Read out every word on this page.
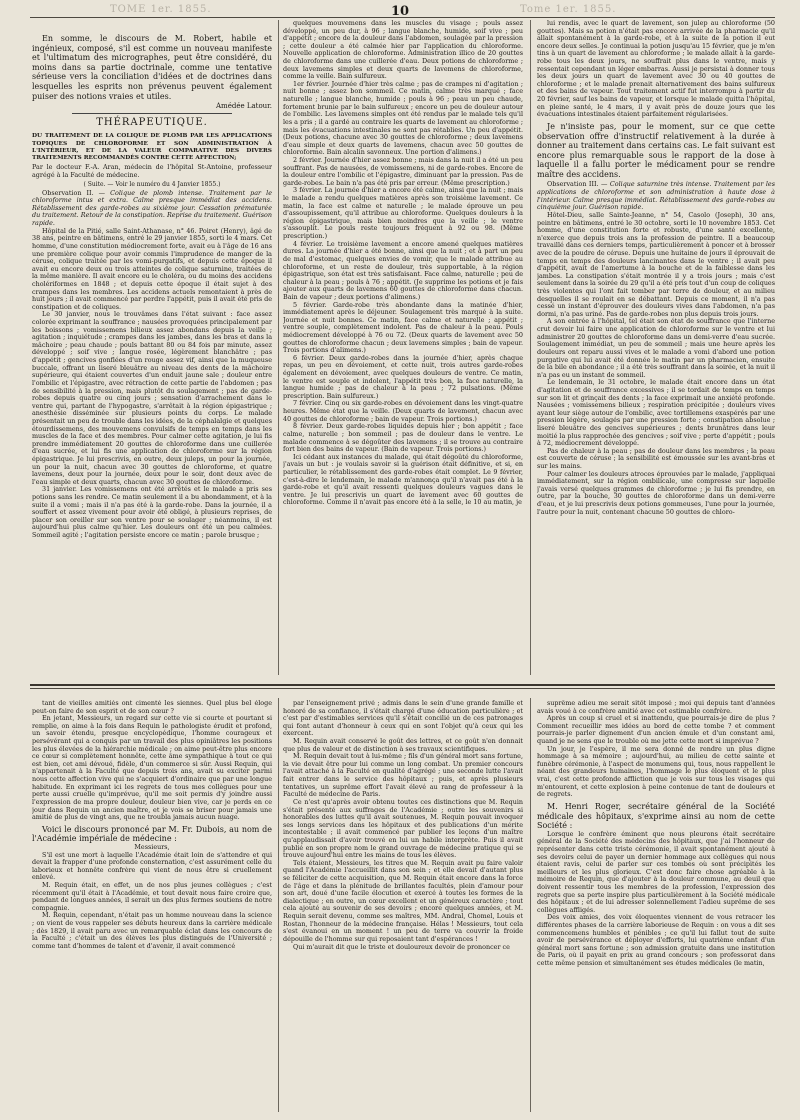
TOME 1er. 1855.	10	Tome 1er. 1855.

En somme, le discours de M. Robert, habile et ingénieux, composé, s'il est comme un nouveau manifeste et l'ultimatum des micrographes, peut être considéré, du moins dans sa partie doctrinale, comme une tentative sérieuse vers la conciliation d'idées et de doctrines dans lesquelles les esprits non prévenus peuvent également puiser des notions vraies et utiles.

Amédée Latour.
THÉRAPEUTIQUE.
DU TRAITEMENT DE LA COLIQUE DE PLOMB PAR LES APPLICATIONS TOPIQUES DE CHLOROFORME ET SON ADMINISTRATION À L'INTÉRIEUR, ET DE LA VALEUR COMPARATIVE DES DIVERS TRAITEMENTS RECOMMANDÉS CONTRE CETTE AFFECTION;
Par le docteur F.-A. Aran, médecin de l'hôpital St-Antoine, professeur agrégé à la Faculté de médecine.
( Suite. — Voir le numéro du 4 Janvier 1855.)

Observation II. — Colique de plomb intense. Traitement par le chloroforme intus et extra. Calme presque immédiat des accidens. Rétablissement des garde-robes au sixième jour. Cessation prématurée du traitement. Retour de la constipation. Reprise du traitement. Guérison rapide.

Hôpital de la Pitié, salle Saint-Athanase, n° 46. Poiret (Henry), âgé de 38 ans, peintre en bâtimens, entré le 29 janvier 1855, sorti le 4 mars. Cet homme, d'une constitution médiocrement forte, avait eu à l'âge de 16 ans une première colique pour avoir commis l'imprudence de manger de la céruse, colique traitée par les vomi-purgatifs, et depuis cette époque il avait eu encore deux ou trois atteintes de colique saturnine, traitées de la même manière. Il avait encore eu le choléra, ou du moins des accidens cholériformes en 1848 ; et depuis cette époque il était sujet à des crampes dans les membres. Les accidens actuels remontaient à près de huit jours ; il avait commencé par perdre l'appétit, puis il avait été pris de constipation et de coliques.

Le 30 janvier, nous le trouvâmes dans l'état suivant : face assez colorée exprimant la souffrance ; nausées provoquées principalement par les boissons ; vomissemens bilieux assez abondans depuis la veille ; agitation ; inquiétude ; crampes dans les jambes, dans les bras et dans la mâchoire ; peau chaude ; pouls battant 80 ou 84 fois par minute, assez développé ; soif vive ; langue rosée, légèrement blanchâtre ; pas d'appétit ; gencives gonflées d'un rouge assez vif, ainsi que la muqueuse buccale, offrant un liseré bleuâtre au niveau des dents de la mâchoire supérieure, qui étaient couvertes d'un enduit jaune sale ; douleur entre l'ombilic et l'épigastre, avec rétraction de cette partie de l'abdomen ; pas de sensibilité à la pression, mais plutôt du soulagement ; pas de garde-robes depuis quatre ou cinq jours ; sensation d'arrachement dans le ventre qui, partant de l'hypogastre, s'arrêtait à la région épigastrique ; anesthésie disséminée sur plusieurs points du corps. Le malade présentait un peu de trouble dans les idées, de la céphalalgie et quelques étourdissemens, des mouvemens convulsifs de temps en temps dans les muscles de la face et des membres. Pour calmer cette agitation, je lui fis prendre immédiatement 20 gouttes de chloroforme dans une cuillerée d'eau sucrée, et lui fis une application de chloroforme sur la région épigastrique. Je lui prescrivis, en outre, deux juleps, un pour la journée, un pour la nuit, chacun avec 30 gouttes de chloroforme, et quatre lavemens, deux pour la journée, deux pour le soir, dont deux avec de l'eau simple et deux quarts, chacun avec 30 gouttes de chloroforme.

31 janvier. Les vomissemens ont été arrêtés et le malade a pris ses potions sans les rendre. Ce matin seulement il a bu abondamment, et à la suite il a vomi ; mais il n'a pas été à la garde-robe. Dans la journée, il a souffert et assez vivement pour avoir été obligé, à plusieurs reprises, de placer son oreiller sur son ventre pour se soulager ; néanmoins, il est aujourd'hui plus calme qu'hier. Les douleurs ont été un peu calmées. Sommeil agité ; l'agitation persiste encore ce matin ; parole brusque ;

quelques mouvemens dans les muscles du visage ; pouls assez développé, un peu dur, à 96 ; langue blanche, humide, soif vive ; peu d'appétit ; encore de la douleur dans l'abdomen, soulagée par la pression ; cette douleur a été calmée hier par l'application du chloroforme. Nouvelle application de chloroforme. Administration illico de 20 gouttes de chloroforme dans une cuillerée d'eau. Deux potions de chloroforme ; deux lavemens simples et deux quarts de lavemens de chloroforme, comme la veille. Bain sulfureux.

1er février. Journée d'hier très calme ; pas de crampes ni d'agitation ; nuit bonne ; assez bon sommeil. Ce matin, calme très marqué ; face naturelle ; langue blanche, humide ; pouls à 96 ; peau un peu chaude, fortement brunie par le bain sulfureux ; encore un peu de douleur autour de l'ombilic. Les lavemens simples ont été rendus par le malade tels qu'il les a pris ; il a gardé au contraire les quarts de lavement au chloroforme ; mais les évacuations intestinales ne sont pas rétablies. Un peu d'appétit. (Deux potions, chacune avec 30 gouttes de chloroforme ; deux lavemens d'eau simple et deux quarts de lavemens, chacun avec 50 gouttes de chloroforme. Bain alcalin savonneux. Une portion d'alimens.)

2 février. Journée d'hier assez bonne ; mais dans la nuit il a été un peu souffrant. Pas de nausées, de vomissemens, ni de garde-robes. Encore de la douleur entre l'ombilic et l'épigastre, diminuant par la pression. Pas de garde-robes. Le bain n'a pas été pris par erreur. (Même prescription.)

3 février. La journée d'hier a encore été calme, ainsi que la nuit ; mais le malade a rendu quelques matières après son troisième lavement. Ce matin, la face est calme et naturelle ; le malade éprouve un peu d'assoupissement, qu'il attribue au chloroforme. Quelques douleurs à la région épigastrique, mais bien moindres que la veille ; le ventre s'assouplit. Le pouls reste toujours fréquent à 92 ou 98. (Même prescription.)

4 février. Le troisième lavement a encore amené quelques matières dures. La journée d'hier a été bonne, ainsi que la nuit ; et à part un peu de mal d'estomac, quelques envies de vomir, que le malade attribue au chloroforme, et un reste de douleur, très supportable, à la région épigastrique, son état est très satisfaisant. Face calme, naturelle ; peu de chaleur à la peau ; pouls à 76 ; appétit. (Je supprime les potions et je fais ajouter aux quarts de lavemens 60 gouttes de chloroforme dans chacun. Bain de vapeur ; deux portions d'alimens.)

5 février. Garde-robe très abondante dans la matinée d'hier, immédiatement après le déjeuner. Soulagement très marqué à la suite. Journée et nuit bonnes. Ce matin, face calme et naturelle ; appétit ; ventre souple, complètement indolent. Pas de chaleur à la peau. Pouls médiocrement développé à 76 ou 72. (Deux quarts de lavement avec 50 gouttes de chloroforme chacun ; deux lavemens simples ; bain de vapeur. Trois portions d'alimens.)

6 février. Deux garde-robes dans la journée d'hier, après chaque repas, un peu en dévoiement, et cette nuit, trois autres garde-robes également en dévoiement, avec quelques douleurs de ventre. Ce matin, le ventre est souple et indolent, l'appétit très bon, la face naturelle, la langue humide ; pas de chaleur à la peau ; 72 pulsations. (Même prescription. Bain sulfureux.)

7 février. Cinq ou six garde-robes en dévoiement dans les vingt-quatre heures. Même état que la veille. (Deux quarts de lavement, chacun avec 40 gouttes de chloroforme ; bain de vapeur. Trois portions.)

8 février. Deux garde-robes liquides depuis hier ; bon appétit ; face calme, naturelle ; bon sommeil ; pas de douleur dans le ventre. Le malade commence à se dégoûter des lavemens ; il se trouve au contraire fort bien des bains de vapeur. (Bain de vapeur. Trois portions.)

Ici cédant aux instances du malade, qui était dégoûté du chloroforme, j'avais un but : je voulais savoir si la guérison était définitive, et si, en particulier, le rétablissement des garde-robes était complet. Le 9 février, c'est-à-dire le lendemain, le malade m'annonça qu'il n'avait pas été à la garde-robe et qu'il avait ressenti quelques douleurs vagues dans le ventre. Je lui prescrivis un quart de lavement avec 60 gouttes de chloroforme. Comme il n'avait pas encore été à la selle, le 10 au matin, je

lui rendis, avec le quart de lavement, son julep au chloroforme (50 gouttes). Mais sa potion n'était pas encore arrivée de la pharmacie qu'il allait spontanément à la garde-robe, et à la suite de la potion il eut encore deux selles. Je continuai la potion jusqu'au 15 février, que je m'en tins à un quart de lavement au chloroforme ; le malade allait à la garde-robe tous les deux jours, ne souffrait plus dans le ventre, mais y ressentait cependant un léger embarras. Aussi je persistai à donner tous les deux jours un quart de lavement avec 30 ou 40 gouttes de chloroforme ; et le malade prenait alternativement des bains sulfureux et des bains de vapeur. Tout traitement actif fut interrompu à partir du 20 février, sauf les bains de vapeur, et lorsque le malade quitta l'hôpital, en pleine santé, le 4 mars, il y avait près de douze jours que les évacuations intestinales étaient parfaitement régularisées.

Je n'insiste pas, pour le moment, sur ce que cette observation offre d'instructif relativement à la durée à donner au traitement dans certains cas. Le fait suivant est encore plus remarquable sous le rapport de la dose à laquelle il a fallu porter le médicament pour se rendre maître des accidens.

Observation III. — Colique saturnine très intense. Traitement par les applications de chloroforme et son administration à haute dose à l'intérieur. Calme presque immédiat. Rétablissement des garde-robes au cinquième jour. Guérison rapide.

Hôtel-Dieu, salle Sainte-Jeanne, n° 54, Casolo (Joseph), 30 ans, peintre en bâtimens, entré le 30 octobre, sorti le 10 novembre 1853. Cet homme, d'une constitution forte et robuste, d'une santé excellente, n'exerce que depuis trois ans la profession de peintre. Il a beaucoup travaillé dans ces derniers temps, particulièrement à poncer et à brosser avec de la poudre de céruse. Depuis une huitaine de jours il éprouvait de temps en temps des douleurs lancinantes dans le ventre ; il avait peu d'appétit, avait de l'amertume à la bouche et de la faiblesse dans les jambes. La constipation s'était montrée il y a trois jours ; mais c'est seulement dans la soirée du 29 qu'il a été pris tout d'un coup de coliques très violentes qui l'ont fait tomber par terre de douleur, et au milieu desquelles il se roulait en se débattant. Depuis ce moment, il n'a pas cessé un instant d'éprouver des douleurs vives dans l'abdomen, n'a pas dormi, n'a pas uriné. Pas de garde-robes non plus depuis trois jours.

A son entrée à l'hôpital, tel était son état de souffrance que l'interne crut devoir lui faire une application de chloroforme sur le ventre et lui administrer 20 gouttes de chloroforme dans un demi-verre d'eau sucrée. Soulagement immédiat, un peu de sommeil ; mais une heure après les douleurs ont reparu aussi vives et le malade a vomi d'abord une potion purgative qui lui avait été donnée le matin par un pharmacien, ensuite de la bile en abondance ; il a été très souffrant dans la soirée, et la nuit il n'a pas eu un instant de sommeil.

Le lendemain, le 31 octobre, le malade était encore dans un état d'agitation et de souffrance excessives ; il se tordait de temps en temps sur son lit et grinçait des dents ; la face exprimait une anxiété profonde. Nausées ; vomissemens bilieux ; respiration précipitée ; douleurs vives ayant leur siège autour de l'ombilic, avec tortillemens exaspérés par une pression légère, soulagés par une pression forte ; constipation absolue ; liseré bleuâtre des gencives supérieures ; dents brunâtres dans leur moitié la plus rapprochée des gencives ; soif vive ; perte d'appétit ; pouls à 72, médiocrement développé.

Pas de chaleur à la peau ; pas de douleur dans les membres ; la peau est couverte de céruse ; la sensibilité est émoussée sur les avant-bras et sur les mains.

Pour calmer les douleurs atroces éprouvées par le malade, j'appliquai immédiatement, sur la région ombilicale, une compresse sur laquelle j'avais versé quelques grammes de chloroforme ; je lui fis prendre, en outre, par la bouche, 30 gouttes de chloroforme dans un demi-verre d'eau, et je lui prescrivis deux potions gommeuses, l'une pour la journée, l'autre pour la nuit, contenant chacune 50 gouttes de chloro-

tant de vieilles amitiés ont cimenté les siennes. Quel plus bel éloge peut-on faire de son esprit et de son cœur ?

En jetant, Messieurs, un regard sur cette vie si courte et pourtant si remplie, on aime à la fois dans Requin le pathologiste érudit et profond, un savoir étendu, presque encyclopédique, l'homme courageux et persévérant qui a conquis par un travail des plus opiniâtres les positions les plus élevées de la hiérarchie médicale ; on aime peut-être plus encore ce cœur si complètement honnête, cette âme sympathique à tout ce qui est bien, cet ami dévoué, fidèle, d'un commerce si sûr. Aussi Requin, qui n'appartenait à la Faculté que depuis trois ans, avait su exciter parmi nous cette affection vive qui ne s'acquiert d'ordinaire que par une longue habitude. En exprimant ici les regrets de tous mes collègues pour une perte aussi cruelle qu'imprévue, qu'il me soit permis d'y joindre aussi l'expression de ma propre douleur, douleur bien vive, car je perds en ce jour dans Requin un ancien maître, et je vois se briser pour jamais une amitié de plus de vingt ans, que ne troubla jamais aucun nuage.

Voici le discours prononcé par M. Fr. Dubois, au nom de l'Académie impériale de médecine :

Messieurs,

S'il est une mort à laquelle l'Académie était loin de s'attendre et qui devait la frapper d'une profonde consternation, c'est assurément celle du laborieux et honnête confrère qui vient de nous être si cruellement enlevé.

M. Requin était, en effet, un de nos plus jeunes collègues ; c'est récemment qu'il était à l'Académie, et tout devait nous faire croire que, pendant de longues années, il serait un des plus fermes soutiens de notre compagnie.

M. Requin, cependant, n'était pas un homme nouveau dans la science ; on vient de vous rappeler ses débuts heureux dans la carrière médicale ; dès 1829, il avait paru avec un remarquable éclat dans les concours de la Faculté ; c'était un des élèves les plus distingués de l'Université ; comme tant d'hommes de talent et d'avenir, il avait commencé

par l'enseignement privé ; admis dans le sein d'une grande famille et honoré de sa confiance, il s'était chargé d'une éducation particulière ; et c'est par d'estimables services qu'il s'était concilié un de ces patronages qui font autant d'honneur à ceux qui en sont l'objet qu'à ceux qui les exercent.

M. Requin avait conservé le goût des lettres, et ce goût n'en donnait que plus de valeur et de distinction à ses travaux scientifiques.

M. Requin devait tout à lui-même ; fils d'un général mort sans fortune, la vie devait être pour lui comme un long combat. Un premier concours l'avait attaché à la Faculté en qualité d'agrégé ; une seconde lutte l'avait fait entrer dans le service des hôpitaux ; puis, et après plusieurs tentatives, un suprême effort l'avait élevé au rang de professeur à la Faculté de médecine de Paris.

Ce n'est qu'après avoir obtenu toutes ces distinctions que M. Requin s'était présenté aux suffrages de l'Académie ; outre les souvenirs si honorables des luttes qu'il avait soutenues, M. Requin pouvait invoquer ses longs services dans les hôpitaux et des publications d'un mérite incontestable ; il avait commencé par publier les leçons d'un maître qu'applaudissait d'avoir trouvé en lui un habile interprète. Puis il avait publié en son propre nom le grand ouvrage de médecine pratique qui se trouve aujourd'hui entre les mains de tous les élèves.

Tels étaient, Messieurs, les titres que M. Requin avait pu faire valoir quand l'Académie l'accueillit dans son sein ; et elle devait d'autant plus se féliciter de cette acquisition, que M. Requin était encore dans la force de l'âge et dans la plénitude de brillantes facultés, plein d'amour pour son art, doué d'une facile élocution et exercé à toutes les formes de la dialectique ; en outre, un cœur excellent et un généreux caractère ; tout cela ajouté au souvenir de ses devoirs ; encore quelques années, et M. Requin serait devenu, comme ses maîtres, MM. Andral, Chomel, Louis et Rostan, l'honneur de la médecine française. Hélas ! Messieurs, tout cela s'est évanoui en un moment ! un peu de terre va couvrir la froide dépouille de l'homme sur qui reposaient tant d'espérances !

Qui m'aurait dit que le triste et douloureux devoir de prononcer ce

suprême adieu me serait sitôt imposé ; moi qui depuis tant d'années avais voué à ce confrère amitié avec cet estimable confrère.

Après un coup si cruel et si inattendu, que pourrais-je dire de plus ? Comment recueillir mes idées au bord de cette tombe ? et comment pourrais-je parler dignement d'un ancien émule et d'un constant ami, quand je ne sens que le trouble où me jette cette mort si imprévue ?

Un jour, je l'espère, il me sera donné de rendre un plus digne hommage à sa mémoire ; aujourd'hui, au milieu de cette sainte et funèbre cérémonie, à l'aspect de monumens qui, tous, nous rappellent le néant des grandeurs humaines, l'hommage le plus éloquent et le plus vrai, c'est cette profonde affliction que je vois sur tous les visages qui m'entourent, et cette explosion à peine contenue de tant de douleurs et de regrets.

M. Henri Roger, secrétaire général de la Société médicale des hôpitaux, s'exprime ainsi au nom de cette Société :

Lorsque le confrère éminent que nous pleurons était secrétaire général de la Société des médecins des hôpitaux, que j'ai l'honneur de représenter dans cette triste cérémonie, il avait spontanément ajouté à ses devoirs celui de payer un dernier hommage aux collègues qui nous étaient ravis, celui de parler sur ces tombes où sont précipités les meilleurs et les plus glorieux. C'est donc faire chose agréable à la mémoire de Requin, que d'ajouter à la douleur commune, au deuil que doivent ressentir tous les membres de la profession, l'expression des regrets que sa perte inspire plus particulièrement à la Société médicale des hôpitaux ; et de lui adresser solennellement l'adieu suprême de ses collègues affligés.

Des voix amies, des voix éloquentes viennent de vous retracer les différentes phases de la carrière laborieuse de Requin : on vous a dit ses commencemens humbles et pénibles ; ce qu'il lui fallut tout de suite avoir de persévérance et déployer d'efforts, lui quatrième enfant d'un général mort sans fortune ; son admission gratuite dans une institution de Paris, où il payait en prix au grand concours ; son professorat dans cette même pension et simultanément ses études médicales (le matin,
